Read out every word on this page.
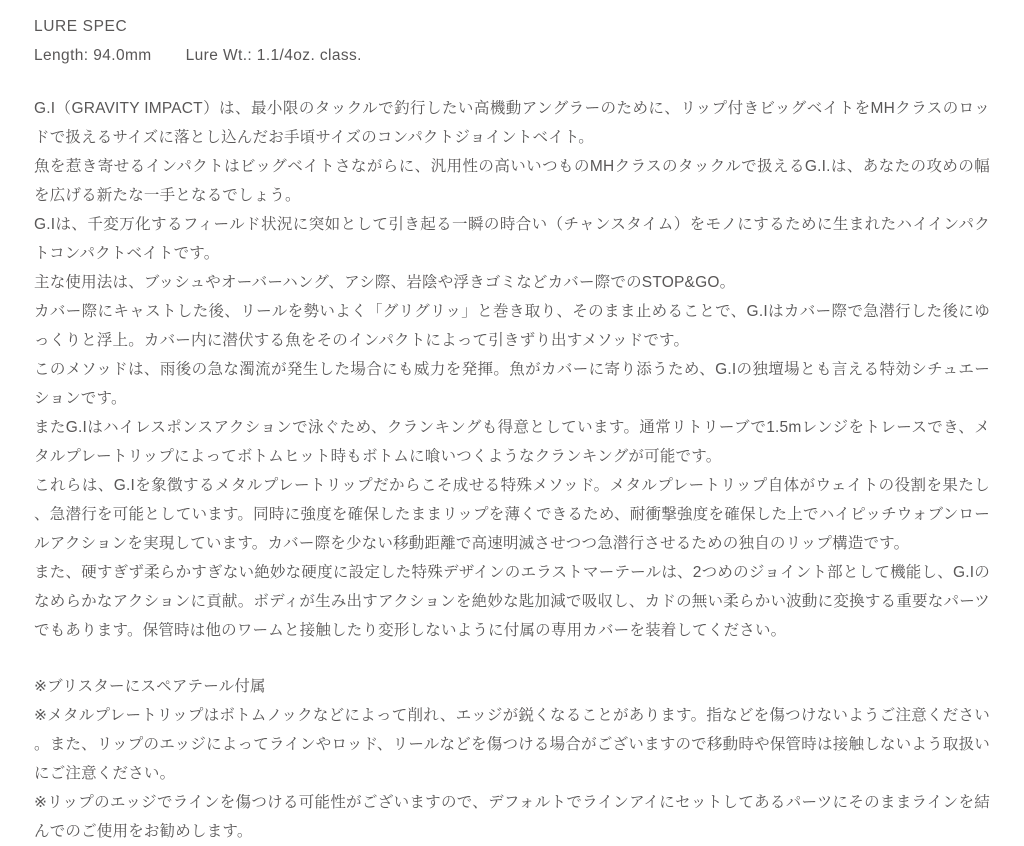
LURE SPEC
Length: 94.0mm Lure Wt.: 1.1/4oz. class.

G.I（GRAVITY IMPACT）は、最小限のタックルで釣行したい高機動アングラーのために、リップ付きビッグベイトをMHクラスのロッドで扱えるサイズに落とし込んだお手頃サイズのコンパクトジョイントベイト。

魚を惹き寄せるインパクトはビッグベイトさながらに、汎用性の高いいつものMHクラスのタックルで扱えるG.I.は、あなたの攻めの幅を広げる新たな一手となるでしょう。

G.Iは、千変万化するフィールド状況に突如として引き起る一瞬の時合い（チャンスタイム）をモノにするために生まれたハイインパクトコンパクトベイトです。

主な使用法は、ブッシュやオーバーハング、アシ際、岩陰や浮きゴミなどカバー際でのSTOP&GO。

カバー際にキャストした後、リールを勢いよく「グリグリッ」と巻き取り、そのまま止めることで、G.Iはカバー際で急潜行した後にゆっくりと浮上。カバー内に潜伏する魚をそのインパクトによって引きずり出すメソッドです。

このメソッドは、雨後の急な濁流が発生した場合にも威力を発揮。魚がカバーに寄り添うため、G.Iの独壇場とも言える特効シチュエーションです。

またG.Iはハイレスポンスアクションで泳ぐため、クランキングも得意としています。通常リトリーブで1.5mレンジをトレースでき、メタルプレートリップによってボトムヒット時もボトムに喰いつくようなクランキングが可能です。

これらは、G.Iを象徴するメタルプレートリップだからこそ成せる特殊メソッド。メタルプレートリップ自体がウェイトの役割を果たし、急潜行を可能としています。同時に強度を確保したままリップを薄くできるため、耐衝撃強度を確保した上でハイピッチウォブンロールアクションを実現しています。カバー際を少ない移動距離で高速明滅させつつ急潜行させるための独自のリップ構造です。

また、硬すぎず柔らかすぎない絶妙な硬度に設定した特殊デザインのエラストマーテールは、2つめのジョイント部として機能し、G.Iのなめらかなアクションに貢献。ボディが生み出すアクションを絶妙な匙加減で吸収し、カドの無い柔らかい波動に変換する重要なパーツでもあります。保管時は他のワームと接触したり変形しないように付属の専用カバーを装着してください。

※ブリスターにスペアテール付属

※メタルプレートリップはボトムノックなどによって削れ、エッジが鋭くなることがあります。指などを傷つけないようご注意ください。また、リップのエッジによってラインやロッド、リールなどを傷つける場合がございますので移動時や保管時は接触しないよう取扱いにご注意ください。

※リップのエッジでラインを傷つける可能性がございますので、デフォルトでラインアイにセットしてあるパーツにそのままラインを結んでのご使用をお勧めします。
